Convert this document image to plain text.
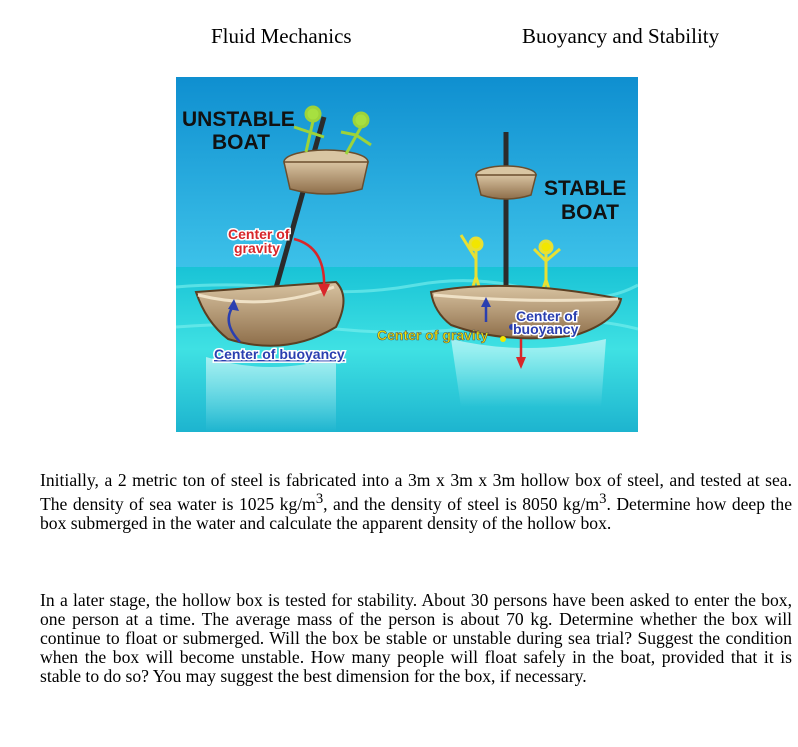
Fluid Mechanics	Buoyancy and Stability
UNSTABLE
BOAT
STABLE
BOAT
Center of
gravity
Center of buoyancy
Center of gravity
Center of
buoyancy

Initially, a 2 metric ton of steel is fabricated into a 3m x 3m x 3m hollow box of steel, and tested at sea. The density of sea water is 1025 $kg/m^3$, and the density of steel is 8050 $kg/m^3$. Determine how deep the box submerged in the water and calculate the apparent density of the hollow box.

In a later stage, the hollow box is tested for stability. About 30 persons have been asked to enter the box, one person at a time. The average mass of the person is about 70 kg. Determine whether the box will continue to float or submerged. Will the box be stable or unstable during sea trial? Suggest the condition when the box will become unstable. How many people will float safely in the boat, provided that it is stable to do so? You may suggest the best dimension for the box, if necessary.
